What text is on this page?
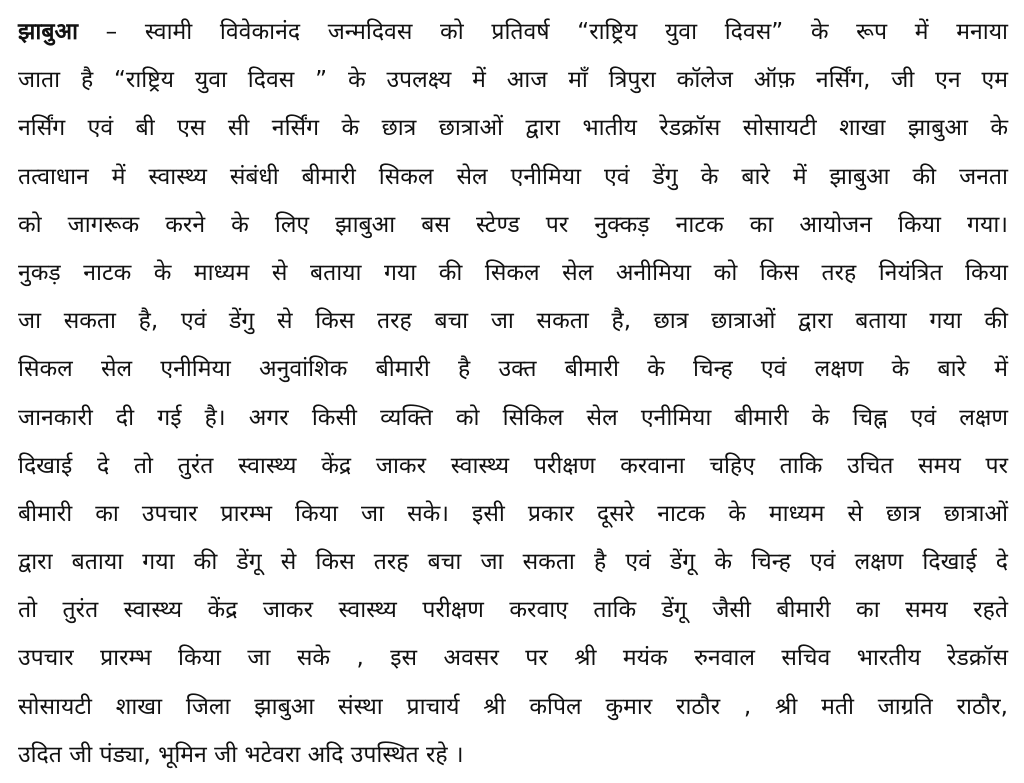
झाबुआ – स्वामी विवेकानंद जन्मदिवस को प्रतिवर्ष “राष्ट्रिय युवा दिवस” के रूप में मनाया
जाता है “राष्ट्रिय युवा दिवस ” के उपलक्ष्य में आज माँ त्रिपुरा कॉलेज ऑफ़ नर्सिंग, जी एन एम
नर्सिंग एवं बी एस सी नर्सिंग के छात्र छात्राओं द्वारा भातीय रेडक्रॉस सोसायटी शाखा झाबुआ के
तत्वाधान में स्वास्थ्य संबंधी बीमारी सिकल सेल एनीमिया एवं डेंगु के बारे में झाबुआ की जनता
को जागरूक करने के लिए झाबुआ बस स्टेण्ड पर नुक्कड़ नाटक का आयोजन किया गया।
नुकड़ नाटक के माध्यम से बताया गया की सिकल सेल अनीमिया को किस तरह नियंत्रित किया
जा सकता है, एवं डेंगु से किस तरह बचा जा सकता है, छात्र छात्राओं द्वारा बताया गया की
सिकल सेल एनीमिया अनुवांशिक बीमारी है उक्त बीमारी के चिन्ह एवं लक्षण के बारे में
जानकारी दी गई है। अगर किसी व्यक्ति को सिकिल सेल एनीमिया बीमारी के चिह्न एवं लक्षण
दिखाई दे तो तुरंत स्वास्थ्य केंद्र जाकर स्वास्थ्य परीक्षण करवाना चहिए ताकि उचित समय पर
बीमारी का उपचार प्रारम्भ किया जा सके। इसी प्रकार दूसरे नाटक के माध्यम से छात्र छात्राओं
द्वारा बताया गया की डेंगू से किस तरह बचा जा सकता है एवं डेंगू के चिन्ह एवं लक्षण दिखाई दे
तो तुरंत स्वास्थ्य केंद्र जाकर स्वास्थ्य परीक्षण करवाए ताकि डेंगू जैसी बीमारी का समय रहते
उपचार प्रारम्भ किया जा सके , इस अवसर पर श्री मयंक रुनवाल सचिव भारतीय रेडक्रॉस
सोसायटी शाखा जिला झाबुआ संस्था प्राचार्य श्री कपिल कुमार राठौर , श्री मती जाग्रति राठौर,
उदित जी पंड्या, भूमिन जी भटेवरा अदि उपस्थित रहे ।
